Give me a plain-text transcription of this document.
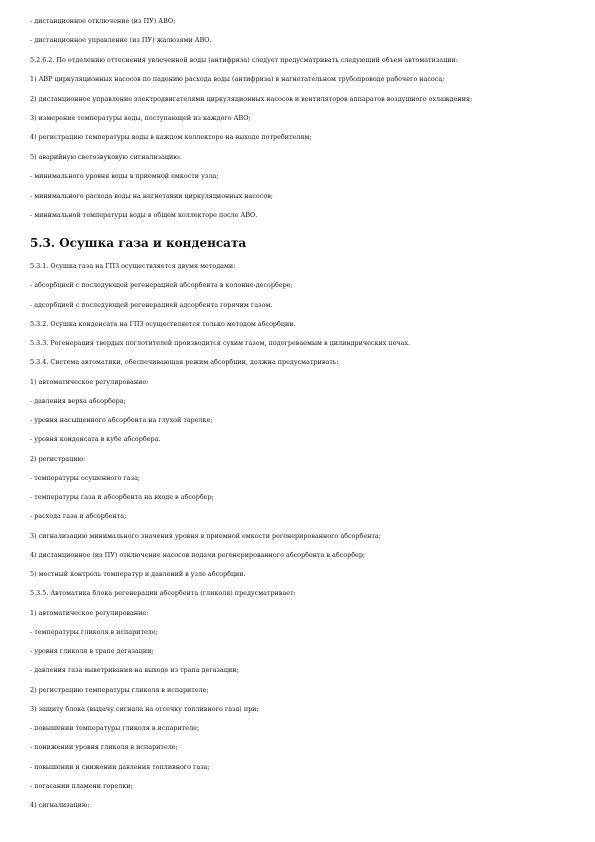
- дистанционное отключение (из ПУ) АВО;
- дистанционное управление (из ПУ) жалюзями АВО.
5.2.6.2. По отделению оттеснения увлеченной воды (антифриза) следует предусматривать следующий объем автоматизации:
1) АВР циркуляционных насосов по падению расхода воды (антифриза) в нагнетательном трубопроводе рабочего насоса;
2) дистанционное управление электродвигателями циркуляционных насосов и вентиляторов аппаратов воздушного охлаждения;
3) измерение температуры воды, поступающей из каждого АВО;
4) регистрацию температуры воды в каждом коллекторе на выходе потребителям;
5) аварийную светозвуковую сигнализацию:
- минимального уровня воды в приемной емкости узла;
- минимального расхода воды на нагнетании циркуляционных насосов;
- минимальной температуры воды в общем коллекторе после АВО.
5.3. Осушка газа и конденсата
5.3.1. Осушка газа на ГПЗ осуществляется двумя методами:
- абсорбцией с последующей регенерацией абсорбента в колонне-десорбере;
- адсорбцией с последующей регенерацией адсорбента горячим газом.
5.3.2. Осушка конденсата на ГПЗ осуществляется только методом абсорбции.
5.3.3. Регенерация твердых поглотителей производится сухим газом, подогреваемым в цилиндрических печах.
5.3.4. Система автоматики, обеспечивающая режим абсорбции, должна предусматривать:
1) автоматическое регулирование:
- давления верха абсорбера;
- уровня насыщенного абсорбента на глухой тарелке;
- уровня конденсата в кубе абсорбера.
2) регистрацию:
- температуры осушенного газа;
- температуры газа и абсорбента на входе в абсорбер;
- расхода газа и абсорбента;
3) сигнализацию минимального значения уровня в приемной емкости регенерированного абсорбента;
4) дистанционное (из ПУ) отключение насосов подачи регенерированного абсорбента в абсорбер;
5) местный контроль температур и давлений в узле абсорбции.
5.3.5. Автоматика блока регенерации абсорбента (гликоля) предусматривает:
1) автоматическое регулирование:
- температуры гликоля в испарителе;
- уровня гликоля в трапе дегазации;
- давления газа выветривания на выходе из трапа дегазации;
2) регистрацию температуры гликоля в испарителе;
3) защиту блока (выдачу сигнала на отсечку топливного газа) при:
- повышении температуры гликоля в испарителе;
- понижении уровня гликоля в испарителе;
- повышении и снижении давления топливного газа;
- погасании пламени горелки;
4) сигнализацию:
